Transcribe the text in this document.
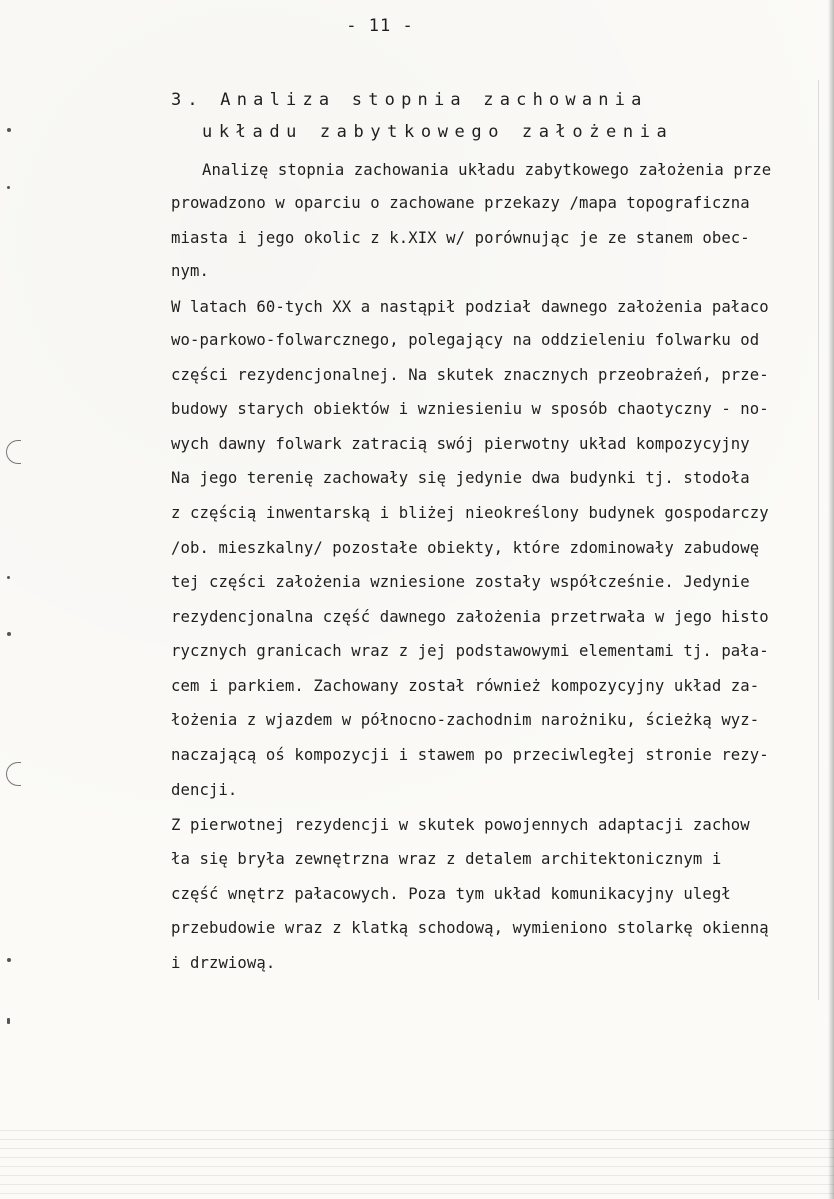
- 11 -
3. Analiza stopnia zachowania
układu zabytkowego założenia
Analizę stopnia zachowania układu zabytkowego założenia prze
prowadzono w oparciu o zachowane przekazy /mapa topograficzna
miasta i jego okolic z k.XIX w/ porównując je ze stanem obec-
nym.
W latach 60-tych XX a nastąpił podział dawnego założenia pałaco
wo-parkowo-folwarcznego, polegający na oddzieleniu folwarku od
części rezydencjonalnej. Na skutek znacznych przeobrażeń, prze-
budowy starych obiektów i wzniesieniu w sposób chaotyczny - no-
wych dawny folwark zatracią swój pierwotny układ kompozycyjny
Na jego terenię zachowały się jedynie dwa budynki tj. stodoła
z częścią inwentarską i bliżej nieokreślony budynek gospodarczy
/ob. mieszkalny/ pozostałe obiekty, które zdominowały zabudowę
tej części założenia wzniesione zostały współcześnie. Jedynie
rezydencjonalna część dawnego założenia przetrwała w jego histo
rycznych granicach wraz z jej podstawowymi elementami tj. pała-
cem i parkiem. Zachowany został również kompozycyjny układ za-
łożenia z wjazdem w północno-zachodnim narożniku, ścieżką wyz-
naczającą oś kompozycji i stawem po przeciwległej stronie rezy-
dencji.
Z pierwotnej rezydencji w skutek powojennych adaptacji zachow
ła się bryła zewnętrzna wraz z detalem architektonicznym i
część wnętrz pałacowych. Poza tym układ komunikacyjny uległ
przebudowie wraz z klatką schodową, wymieniono stolarkę okienną
i drzwiową.
